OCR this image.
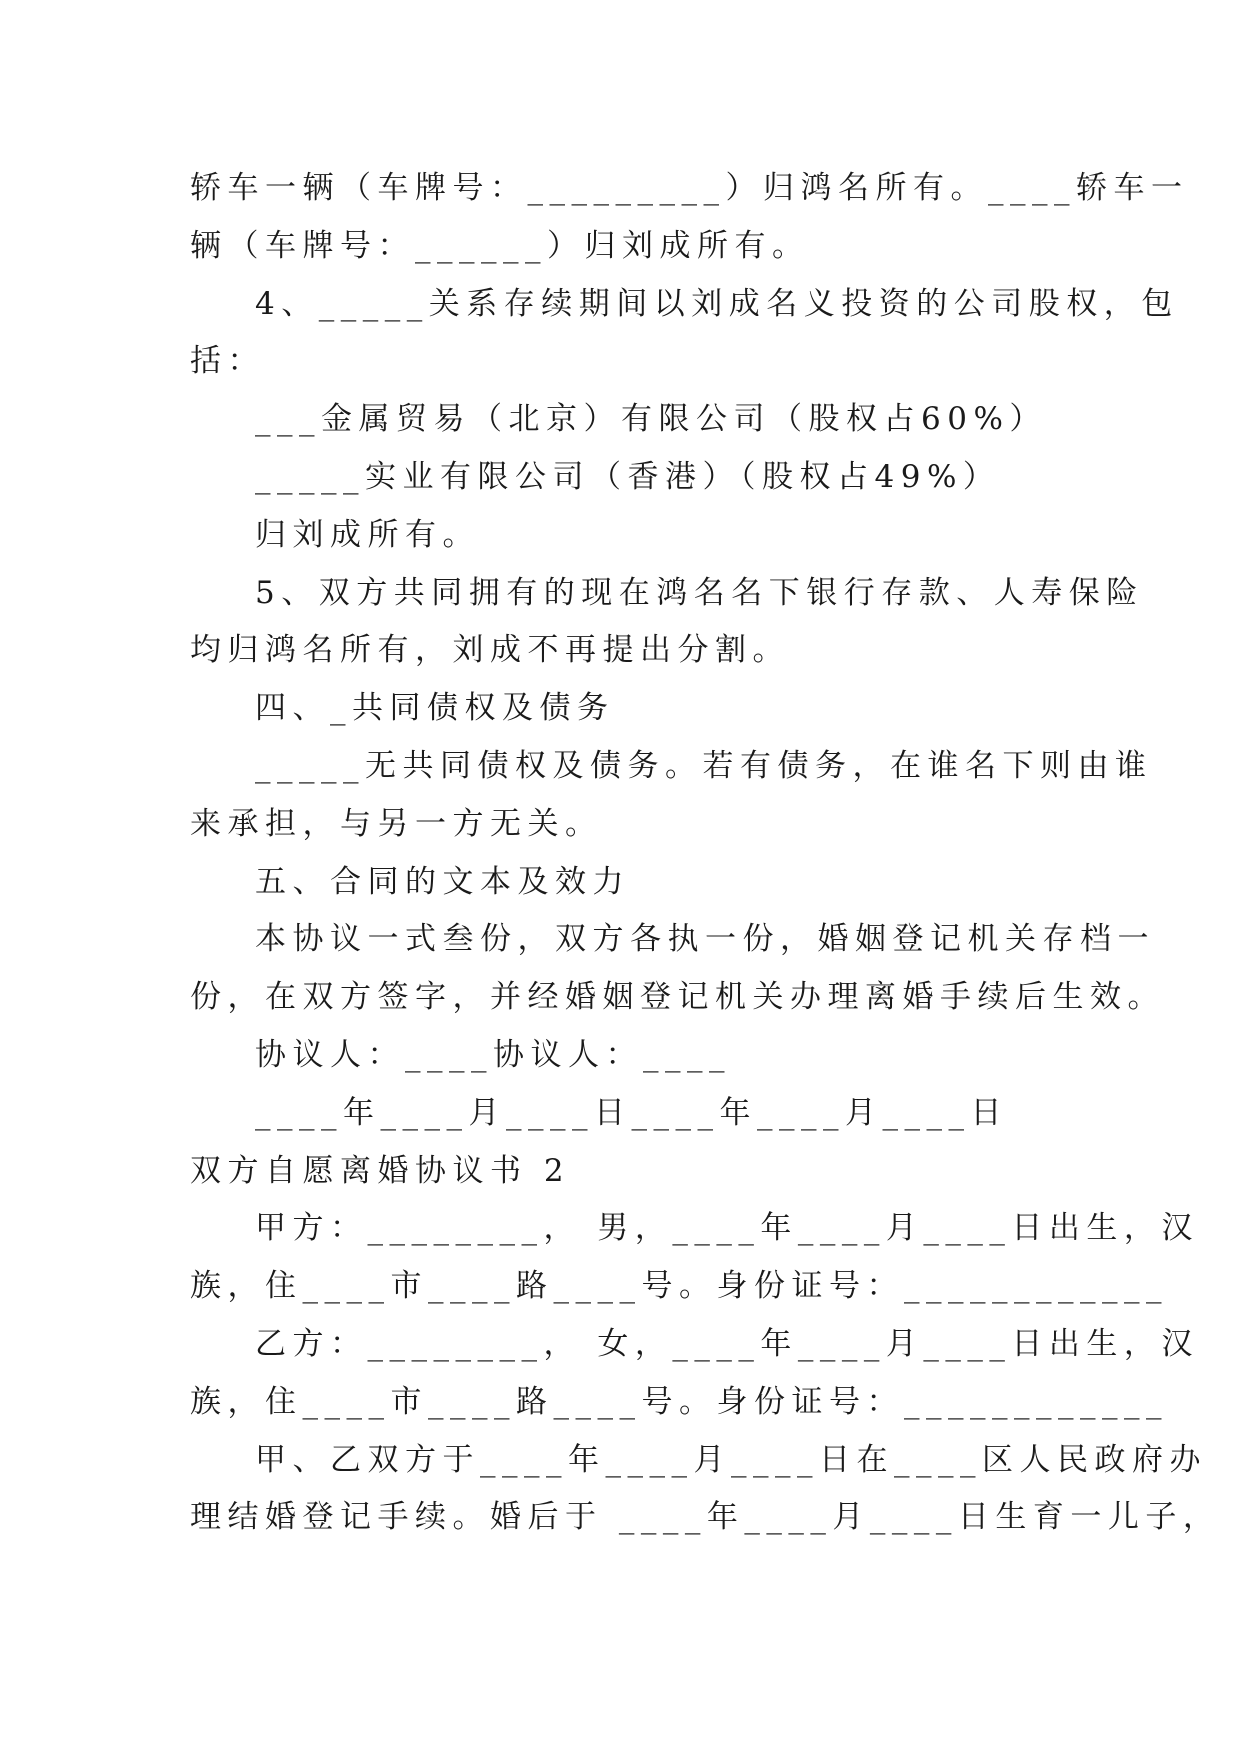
轿车一辆（车牌号：_________）归鸿名所有。____轿车一
辆（车牌号：______）归刘成所有。
4、_____关系存续期间以刘成名义投资的公司股权，包
括：
___金属贸易（北京）有限公司（股权占60%）
_____实业有限公司（香港）（股权占49%）
归刘成所有。
5、双方共同拥有的现在鸿名名下银行存款、人寿保险
均归鸿名所有，刘成不再提出分割。
四、_共同债权及债务
_____无共同债权及债务。若有债务，在谁名下则由谁
来承担，与另一方无关。
五、合同的文本及效力
本协议一式叁份，双方各执一份，婚姻登记机关存档一
份，在双方签字，并经婚姻登记机关办理离婚手续后生效。
协议人：____协议人：____
____年____月____日____年____月____日
双方自愿离婚协议书 2
甲方：________， 男，____年____月____日出生，汉
族，住____市____路____号。身份证号：____________
乙方：________， 女，____年____月____日出生，汉
族，住____市____路____号。身份证号：____________
甲、乙双方于____年____月____日在____区人民政府办
理结婚登记手续。婚后于 ____年____月____日生育一儿子，
